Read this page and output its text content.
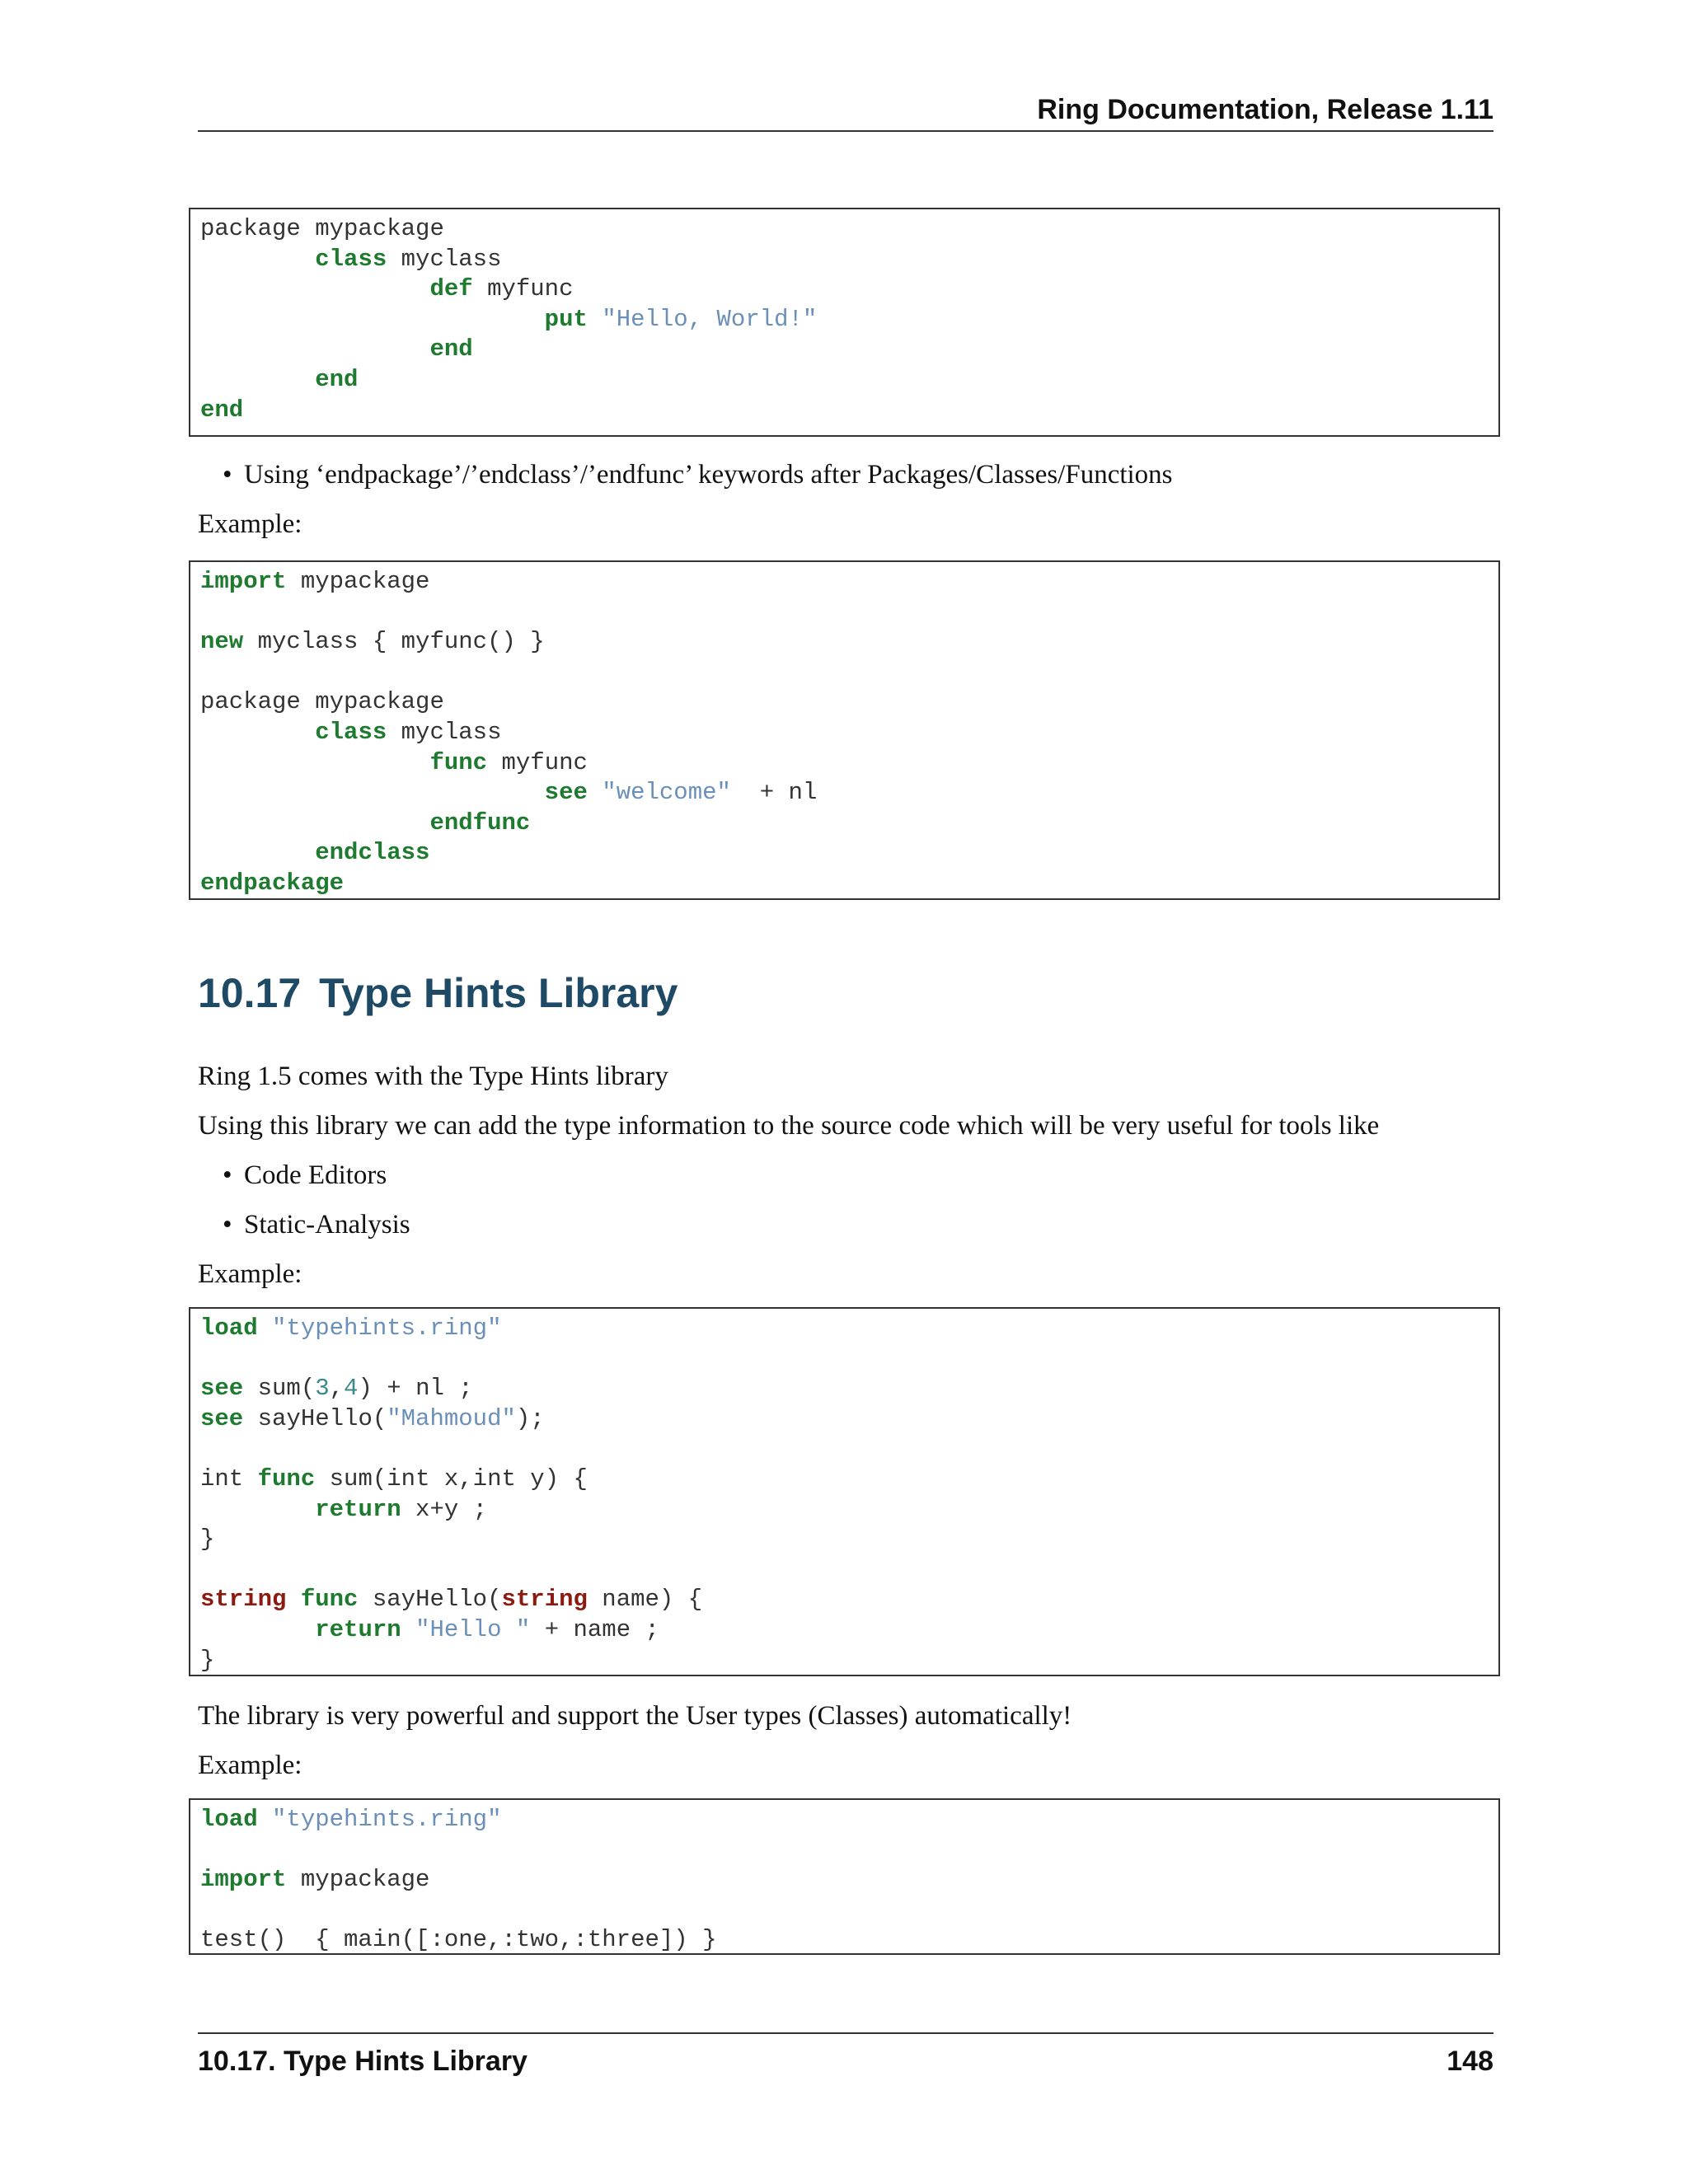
Ring Documentation, Release 1.11
package mypackage
class myclass
def myfunc
put "Hello, World!"
end
end
end
• Using ‘endpackage’/’endclass’/’endfunc’ keywords after Packages/Classes/Functions
Example:
import mypackage
new myclass { myfunc() }
package mypackage
class myclass
func myfunc
see "welcome"  + nl
endfunc
endclass
endpackage
10.17 Type Hints Library
Ring 1.5 comes with the Type Hints library
Using this library we can add the type information to the source code which will be very useful for tools like
• Code Editors
• Static-Analysis
Example:
load "typehints.ring"
see sum(3,4) + nl ;
see sayHello("Mahmoud");
int func sum(int x,int y) {
return x+y ;
}
string func sayHello(string name) {
return "Hello " + name ;
}
The library is very powerful and support the User types (Classes) automatically!
Example:
load "typehints.ring"
import mypackage
test()  { main([:one,:two,:three]) }
10.17. Type Hints Library	148
